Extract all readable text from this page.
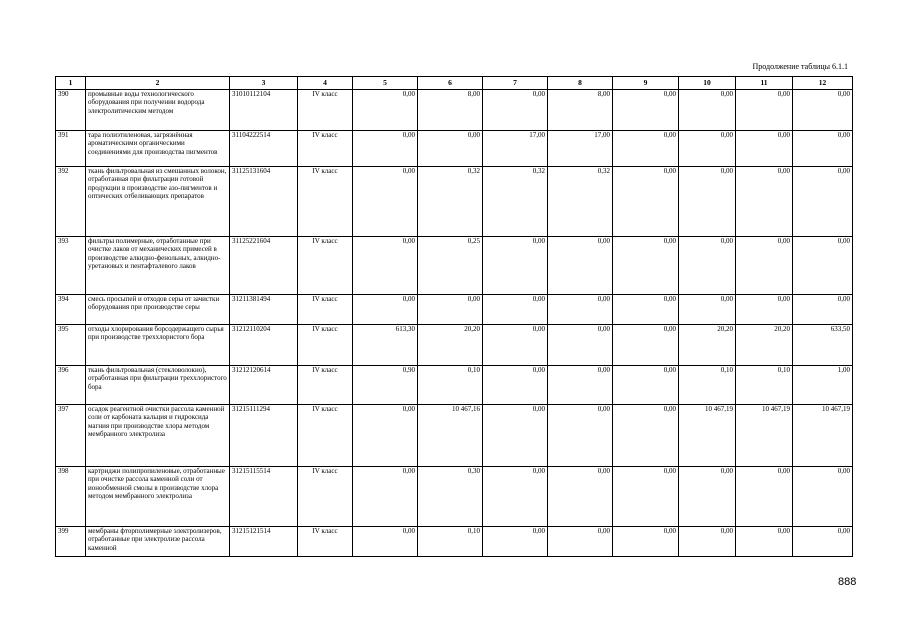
Продолжение таблицы 6.1.1
1	2	3	4	5	6	7	8	9	10	11	12
390	промывные воды технологического оборудования при получении водорода электролитическим методом	31010112104	IV класс	0,00	8,00	0,00	8,00	0,00	0,00	0,00	0,00
391	тара полиэтиленовая, загрязнённая ароматическими органическими соединениями для производства пигментов	31104222514	IV класс	0,00	0,00	17,00	17,00	0,00	0,00	0,00	0,00
392	ткань фильтровальная из смешанных волокон, отработанная при фильтрации готовой продукции в производстве азо-пигментов и оптических отбеливающих препаратов	31125131604	IV класс	0,00	0,32	0,32	0,32	0,00	0,00	0,00	0,00
393	фильтры полимерные, отработанные при очистке лаков от механических примесей в производстве алкидно-фенольных, алкидно-уретановых и пентафталевого лаков	31125221604	IV класс	0,00	0,25	0,00	0,00	0,00	0,00	0,00	0,00
394	смесь просыпей и отходов серы от зачистки оборудования при производстве серы	31211381494	IV класс	0,00	0,00	0,00	0,00	0,00	0,00	0,00	0,00
395	отходы хлорирования борсодержащего сырья при производстве треххлористого бора	31212110204	IV класс	613,30	20,20	0,00	0,00	0,00	20,20	20,20	633,50
396	ткань фильтровальная (стекловолокно), отработанная при фильтрации треххлористого бора	31212120614	IV класс	0,90	0,10	0,00	0,00	0,00	0,10	0,10	1,00
397	осадок реагентной очистки рассола каменной соли от карбоната кальция и гидроксида магния при производстве хлора методом мембранного электролиза	31215111294	IV класс	0,00	10 467,16	0,00	0,00	0,00	10 467,19	10 467,19	10 467,19
398	картриджи полипропиленовые, отработанные при очистке рассола каменной соли от ионообменной смолы в производстве хлора методом мембранного электролиза	31215115514	IV класс	0,00	0,30	0,00	0,00	0,00	0,00	0,00	0,00
399	мембраны фторполимерные электролизеров, отработанные при электролизе рассола каменной	31215121514	IV класс	0,00	0,10	0,00	0,00	0,00	0,00	0,00	0,00
888
